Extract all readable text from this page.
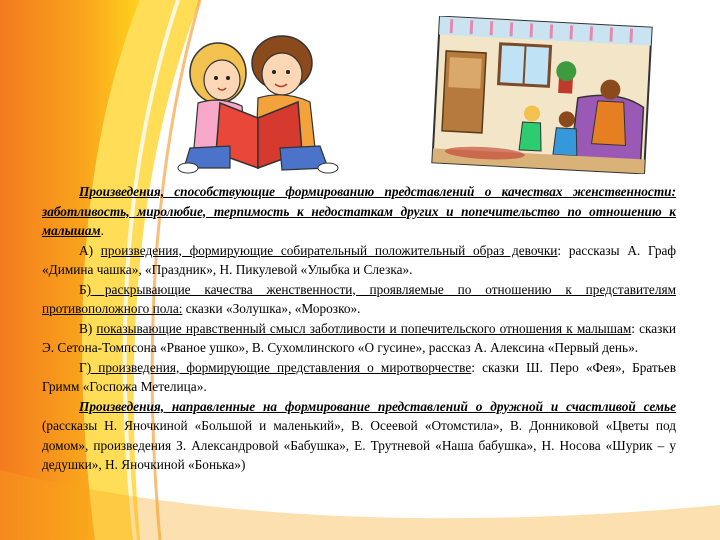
Произведения, способствующие формированию представлений о качествах женственности: заботливость, миролюбие, терпимость к недостаткам других и попечительство по отношению к малышам.

А) произведения, формирующие собирательный положительный образ девочки: рассказы А. Граф «Димина чашка», «Праздник», Н. Пикулевой «Улыбка и Слезка».

Б) раскрывающие качества женственности, проявляемые по отношению к представителям противоположного пола: сказки «Золушка», «Морозко».

В) показывающие нравственный смысл заботливости и попечительского отношения к малышам: сказки Э. Сетона-Томпсона «Рваное ушко», В. Сухомлинского «О гусине», рассказ А. Алексина «Первый день».

Г) произведения, формирующие представления о миротворчестве: сказки Ш. Перо «Фея», Братьев Гримм «Госпожа Метелица».

Произведения, направленные на формирование представлений о дружной и счастливой семье (рассказы Н. Яночкиной «Большой и маленький», В. Осеевой «Отомстила», В. Донниковой «Цветы под домом», произведения З. Александровой «Бабушка», Е. Трутневой «Наша бабушка», Н. Носова «Шурик – у дедушки», Н. Яночкиной «Бонька»)
